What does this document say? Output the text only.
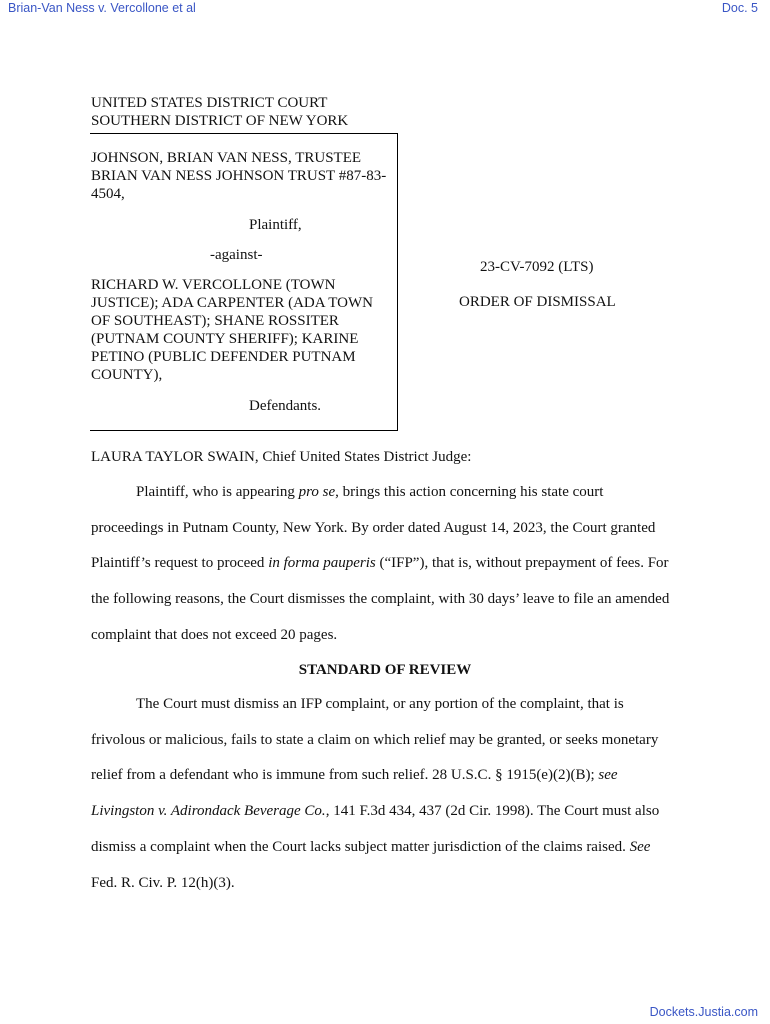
Brian-Van Ness v. Vercollone et al	Doc. 5
UNITED STATES DISTRICT COURT
SOUTHERN DISTRICT OF NEW YORK
JOHNSON, BRIAN VAN NESS, TRUSTEE
BRIAN VAN NESS JOHNSON TRUST #87-83-
4504,
Plaintiff,
-against-
RICHARD W. VERCOLLONE (TOWN
JUSTICE); ADA CARPENTER (ADA TOWN
OF SOUTHEAST); SHANE ROSSITER
(PUTNAM COUNTY SHERIFF); KARINE
PETINO (PUBLIC DEFENDER PUTNAM
COUNTY),
Defendants.
23-CV-7092 (LTS)
ORDER OF DISMISSAL
LAURA TAYLOR SWAIN, Chief United States District Judge:
Plaintiff, who is appearing pro se, brings this action concerning his state court
proceedings in Putnam County, New York. By order dated August 14, 2023, the Court granted
Plaintiff’s request to proceed in forma pauperis (“IFP”), that is, without prepayment of fees. For
the following reasons, the Court dismisses the complaint, with 30 days’ leave to file an amended
complaint that does not exceed 20 pages.
STANDARD OF REVIEW
The Court must dismiss an IFP complaint, or any portion of the complaint, that is
frivolous or malicious, fails to state a claim on which relief may be granted, or seeks monetary
relief from a defendant who is immune from such relief. 28 U.S.C. § 1915(e)(2)(B); see
Livingston v. Adirondack Beverage Co., 141 F.3d 434, 437 (2d Cir. 1998). The Court must also
dismiss a complaint when the Court lacks subject matter jurisdiction of the claims raised. See
Fed. R. Civ. P. 12(h)(3).
Dockets.Justia.com
